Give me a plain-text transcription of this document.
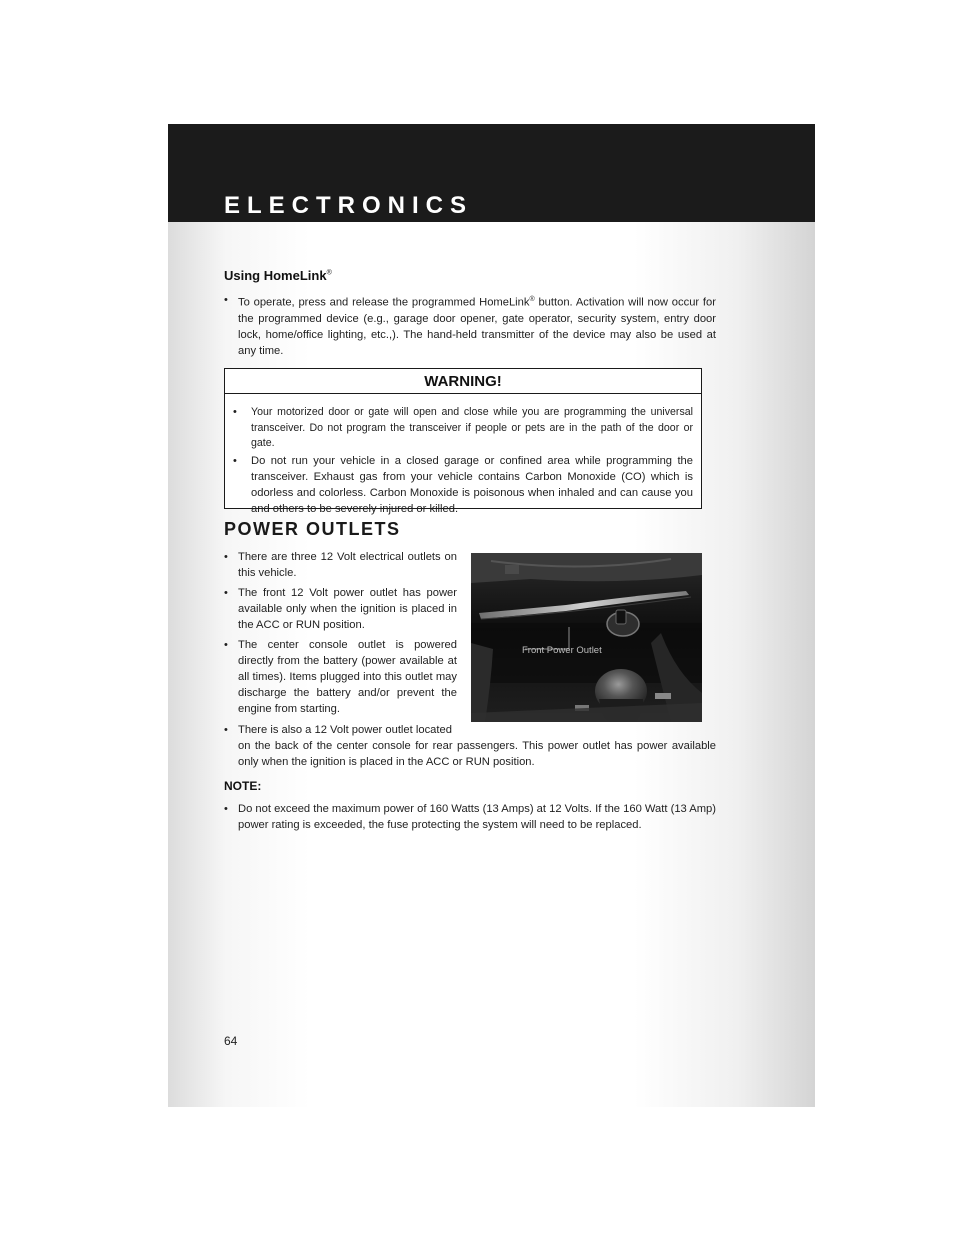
ELECTRONICS
Using HomeLink®
• To operate, press and release the programmed HomeLink® button. Activation will now occur for the programmed device (e.g., garage door opener, gate operator, security system, entry door lock, home/office lighting, etc.,). The hand-held transmitter of the device may also be used at any time.
WARNING!
• Your motorized door or gate will open and close while you are programming the universal transceiver. Do not program the transceiver if people or pets are in the path of the door or gate.
• Do not run your vehicle in a closed garage or confined area while programming the transceiver. Exhaust gas from your vehicle contains Carbon Monoxide (CO) which is odorless and colorless. Carbon Monoxide is poisonous when inhaled and can cause you and others to be severely injured or killed.
POWER OUTLETS
• There are three 12 Volt electrical outlets on this vehicle.
• The front 12 Volt power outlet has power available only when the ignition is placed in the ACC or RUN position.
• The center console outlet is powered directly from the battery (power available at all times). Items plugged into this outlet may discharge the battery and/or prevent the engine from starting.
Front Power Outlet
• There is also a 12 Volt power outlet located
on the back of the center console for rear passengers. This power outlet has power available only when the ignition is placed in the ACC or RUN position.
NOTE:
• Do not exceed the maximum power of 160 Watts (13 Amps) at 12 Volts. If the 160 Watt (13 Amp) power rating is exceeded, the fuse protecting the system will need to be replaced.
64
